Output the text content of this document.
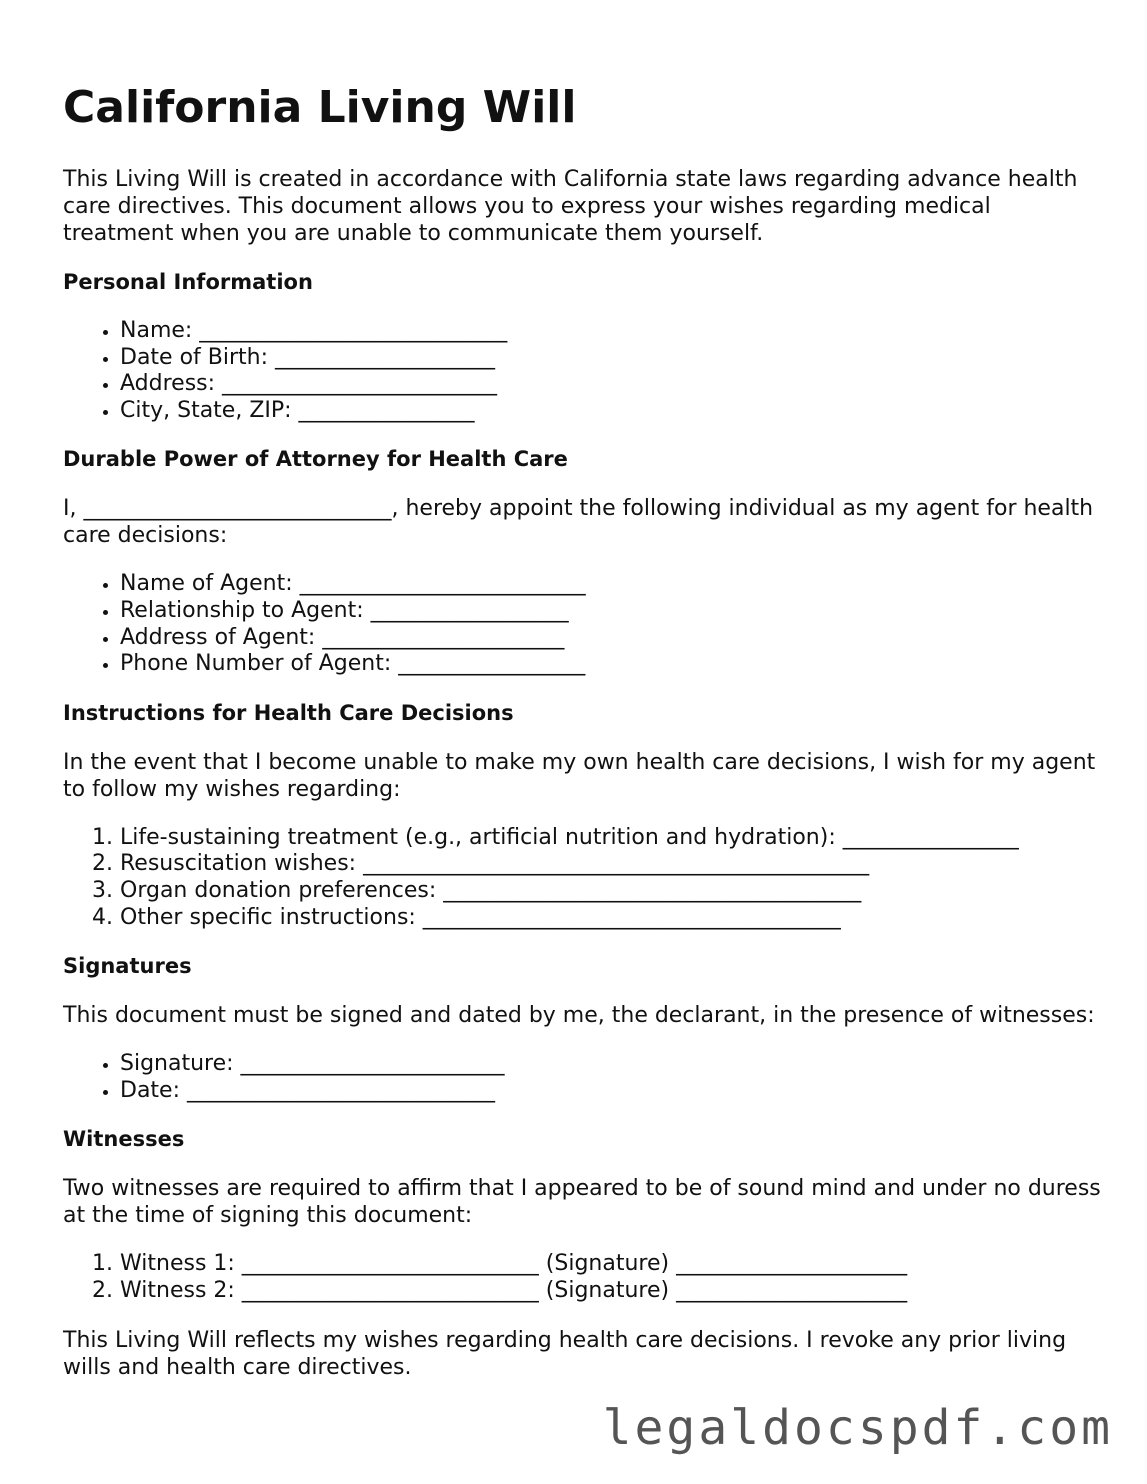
California Living Will

This Living Will is created in accordance with California state laws regarding advance health care directives. This document allows you to express your wishes regarding medical treatment when you are unable to communicate them yourself.

Personal Information
• Name: ____________________________
• Date of Birth: ____________________
• Address: _________________________
• City, State, ZIP: ________________
Durable Power of Attorney for Health Care

I, ____________________________, hereby appoint the following individual as my agent for health care decisions:

• Name of Agent: __________________________
• Relationship to Agent: __________________
• Address of Agent: ______________________
• Phone Number of Agent: _________________
Instructions for Health Care Decisions

In the event that I become unable to make my own health care decisions, I wish for my agent to follow my wishes regarding:

1. Life-sustaining treatment (e.g., artificial nutrition and hydration): ________________
2. Resuscitation wishes: ______________________________________________
3. Organ donation preferences: ______________________________________
4. Other specific instructions: ______________________________________
Signatures

This document must be signed and dated by me, the declarant, in the presence of witnesses:

• Signature: ________________________
• Date: ____________________________
Witnesses

Two witnesses are required to affirm that I appeared to be of sound mind and under no duress at the time of signing this document:

1. Witness 1: ___________________________ (Signature) _____________________
2. Witness 2: ___________________________ (Signature) _____________________

This Living Will reflects my wishes regarding health care decisions. I revoke any prior living wills and health care directives.

legaldocspdf.com
